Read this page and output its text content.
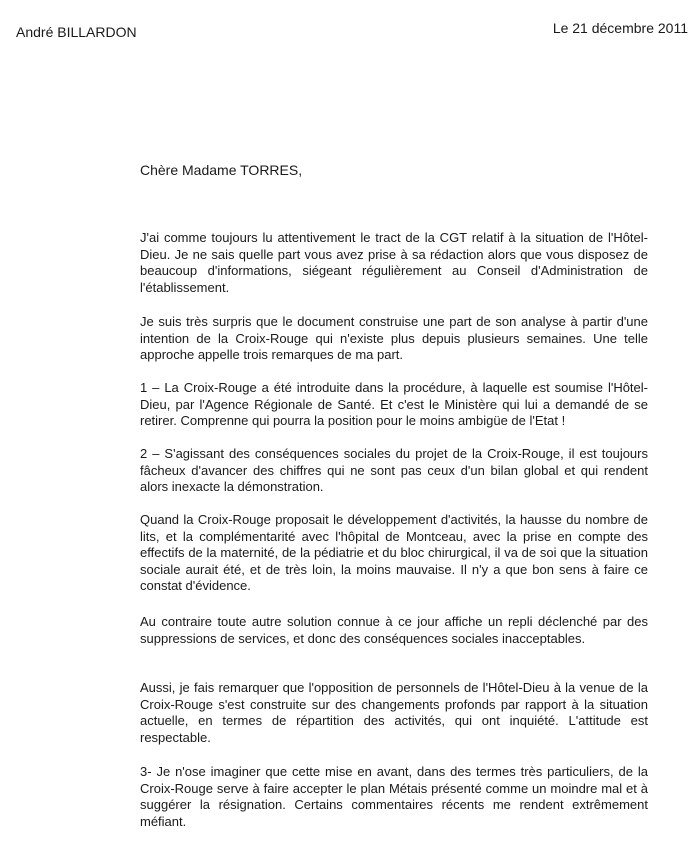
André BILLARDON	Le 21 décembre 2011
Chère Madame TORRES,

J'ai comme toujours lu attentivement le tract de la CGT relatif à la situation de l'Hôtel-Dieu. Je ne sais quelle part vous avez prise à sa rédaction alors que vous disposez de beaucoup d'informations, siégeant régulièrement au Conseil d'Administration de l'établissement.

Je suis très surpris que le document construise une part de son analyse à partir d'une intention de la Croix-Rouge qui n'existe plus depuis plusieurs semaines. Une telle approche appelle trois remarques de ma part.

1 – La Croix-Rouge a été introduite dans la procédure, à laquelle est soumise l'Hôtel-Dieu, par l'Agence Régionale de Santé. Et c'est le Ministère qui lui a demandé de se retirer. Comprenne qui pourra la position pour le moins ambigüe de l'Etat !

2 – S'agissant des conséquences sociales du projet de la Croix-Rouge, il est toujours fâcheux d'avancer des chiffres qui ne sont pas ceux d'un bilan global et qui rendent alors inexacte la démonstration.

Quand la Croix-Rouge proposait le développement d'activités, la hausse du nombre de lits, et la complémentarité avec l'hôpital de Montceau, avec la prise en compte des effectifs de la maternité, de la pédiatrie et du bloc chirurgical, il va de soi que la situation sociale aurait été, et de très loin, la moins mauvaise. Il n'y a que bon sens à faire ce constat d'évidence.

Au contraire toute autre solution connue à ce jour affiche un repli déclenché par des suppressions de services, et donc des conséquences sociales inacceptables.

Aussi, je fais remarquer que l'opposition de personnels de l'Hôtel-Dieu à la venue de la Croix-Rouge s'est construite sur des changements profonds par rapport à la situation actuelle, en termes de répartition des activités, qui ont inquiété. L'attitude est respectable.

3- Je n'ose imaginer que cette mise en avant, dans des termes très particuliers, de la Croix-Rouge serve à faire accepter le plan Métais présenté comme un moindre mal et à suggérer la résignation. Certains commentaires récents me rendent extrêmement méfiant.
